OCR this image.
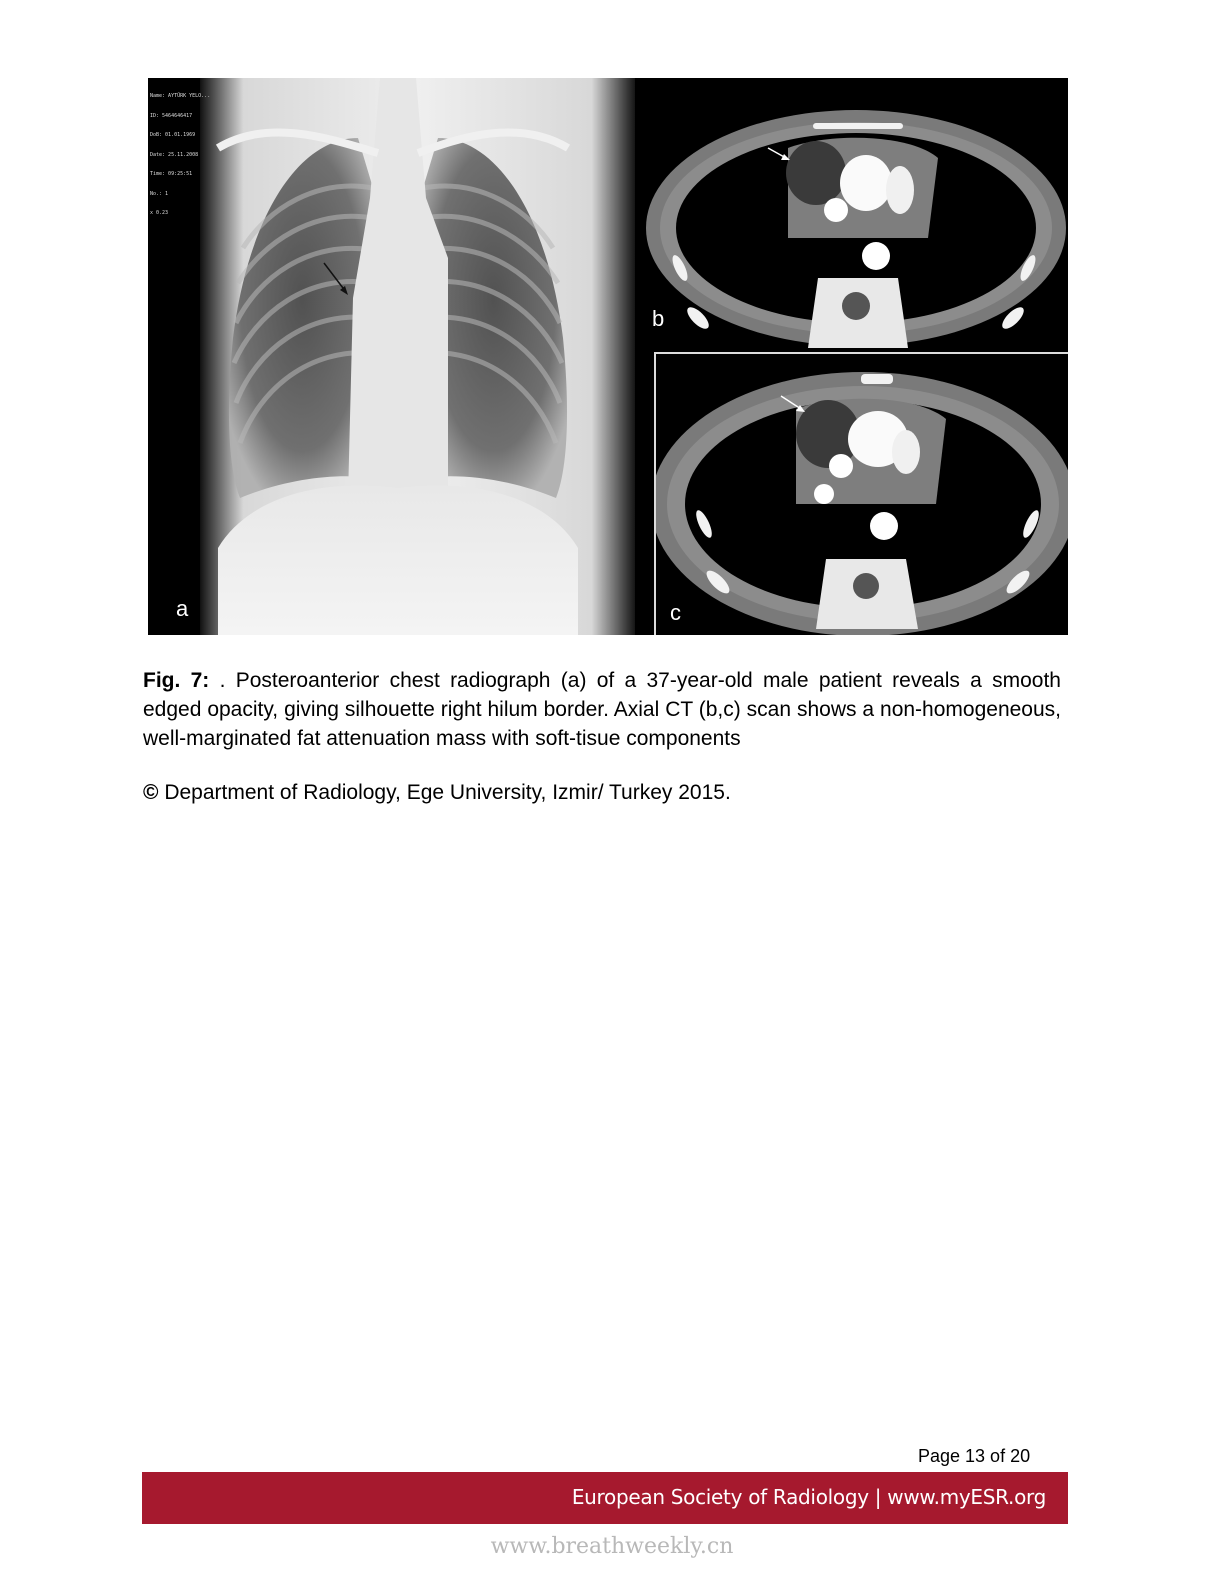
Name: AYTÜRK YELO...

ID: 5464646417

DoB: 01.01.1969

Date: 25.11.2008

Time: 09:25:51

No.: 1

x 0.23

a
b
c
Fig. 7: . Posteroanterior chest radiograph (a) of a 37-year-old male patient reveals a smooth edged opacity, giving silhouette right hilum border. Axial CT (b,c) scan shows a non-homogeneous, well-marginated fat attenuation mass with soft-tisue components
© Department of Radiology, Ege University, Izmir/ Turkey 2015.
Page 13 of 20
European Society of Radiology | www.myESR.org
www.breathweekly.cn
